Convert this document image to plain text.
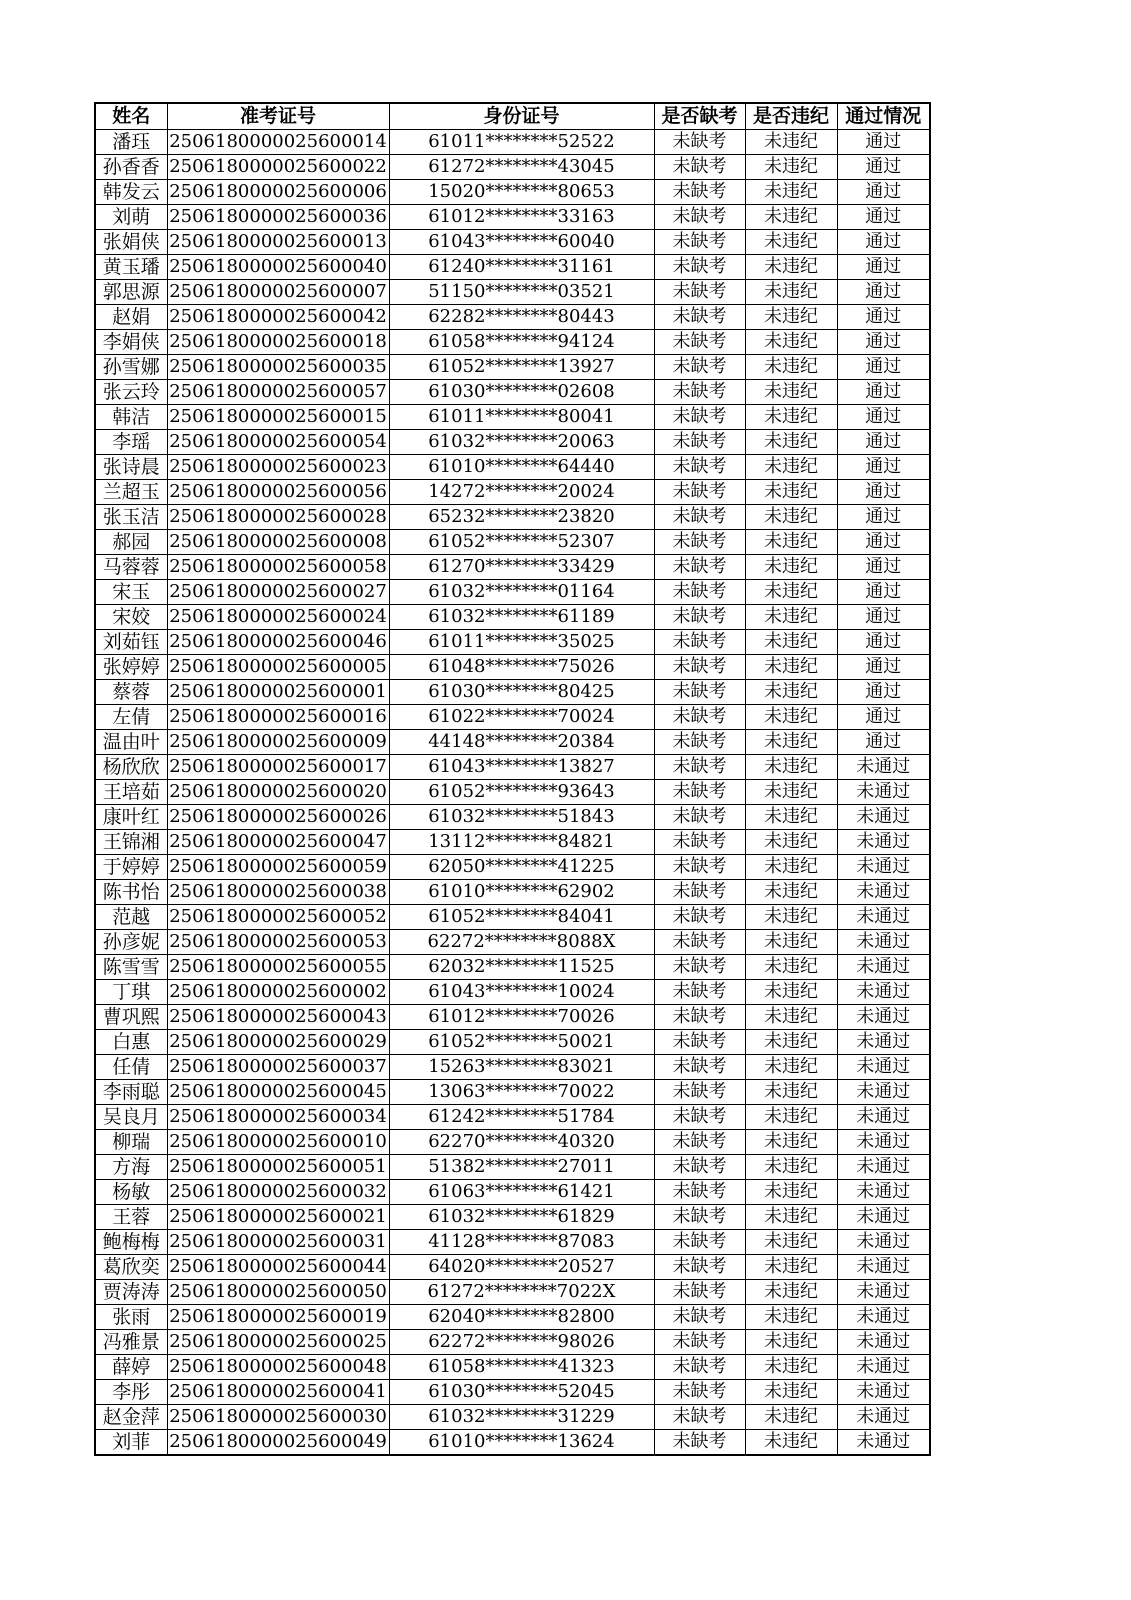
姓名	准考证号	身份证号	是否缺考	是否违纪	通过情况
潘珏	2506180000025600014	61011********52522	未缺考	未违纪	通过
孙香香	2506180000025600022	61272********43045	未缺考	未违纪	通过
韩发云	2506180000025600006	15020********80653	未缺考	未违纪	通过
刘萌	2506180000025600036	61012********33163	未缺考	未违纪	通过
张娟侠	2506180000025600013	61043********60040	未缺考	未违纪	通过
黄玉璠	2506180000025600040	61240********31161	未缺考	未违纪	通过
郭思源	2506180000025600007	51150********03521	未缺考	未违纪	通过
赵娟	2506180000025600042	62282********80443	未缺考	未违纪	通过
李娟侠	2506180000025600018	61058********94124	未缺考	未违纪	通过
孙雪娜	2506180000025600035	61052********13927	未缺考	未违纪	通过
张云玲	2506180000025600057	61030********02608	未缺考	未违纪	通过
韩洁	2506180000025600015	61011********80041	未缺考	未违纪	通过
李瑶	2506180000025600054	61032********20063	未缺考	未违纪	通过
张诗晨	2506180000025600023	61010********64440	未缺考	未违纪	通过
兰超玉	2506180000025600056	14272********20024	未缺考	未违纪	通过
张玉洁	2506180000025600028	65232********23820	未缺考	未违纪	通过
郝园	2506180000025600008	61052********52307	未缺考	未违纪	通过
马蓉蓉	2506180000025600058	61270********33429	未缺考	未违纪	通过
宋玉	2506180000025600027	61032********01164	未缺考	未违纪	通过
宋姣	2506180000025600024	61032********61189	未缺考	未违纪	通过
刘茹钰	2506180000025600046	61011********35025	未缺考	未违纪	通过
张婷婷	2506180000025600005	61048********75026	未缺考	未违纪	通过
蔡蓉	2506180000025600001	61030********80425	未缺考	未违纪	通过
左倩	2506180000025600016	61022********70024	未缺考	未违纪	通过
温由叶	2506180000025600009	44148********20384	未缺考	未违纪	通过
杨欣欣	2506180000025600017	61043********13827	未缺考	未违纪	未通过
王培茹	2506180000025600020	61052********93643	未缺考	未违纪	未通过
康叶红	2506180000025600026	61032********51843	未缺考	未违纪	未通过
王锦湘	2506180000025600047	13112********84821	未缺考	未违纪	未通过
于婷婷	2506180000025600059	62050********41225	未缺考	未违纪	未通过
陈书怡	2506180000025600038	61010********62902	未缺考	未违纪	未通过
范越	2506180000025600052	61052********84041	未缺考	未违纪	未通过
孙彦妮	2506180000025600053	62272********8088X	未缺考	未违纪	未通过
陈雪雪	2506180000025600055	62032********11525	未缺考	未违纪	未通过
丁琪	2506180000025600002	61043********10024	未缺考	未违纪	未通过
曹巩熙	2506180000025600043	61012********70026	未缺考	未违纪	未通过
白惠	2506180000025600029	61052********50021	未缺考	未违纪	未通过
任倩	2506180000025600037	15263********83021	未缺考	未违纪	未通过
李雨聪	2506180000025600045	13063********70022	未缺考	未违纪	未通过
吴良月	2506180000025600034	61242********51784	未缺考	未违纪	未通过
柳瑞	2506180000025600010	62270********40320	未缺考	未违纪	未通过
方海	2506180000025600051	51382********27011	未缺考	未违纪	未通过
杨敏	2506180000025600032	61063********61421	未缺考	未违纪	未通过
王蓉	2506180000025600021	61032********61829	未缺考	未违纪	未通过
鲍梅梅	2506180000025600031	41128********87083	未缺考	未违纪	未通过
葛欣奕	2506180000025600044	64020********20527	未缺考	未违纪	未通过
贾涛涛	2506180000025600050	61272********7022X	未缺考	未违纪	未通过
张雨	2506180000025600019	62040********82800	未缺考	未违纪	未通过
冯雅景	2506180000025600025	62272********98026	未缺考	未违纪	未通过
薛婷	2506180000025600048	61058********41323	未缺考	未违纪	未通过
李彤	2506180000025600041	61030********52045	未缺考	未违纪	未通过
赵金萍	2506180000025600030	61032********31229	未缺考	未违纪	未通过
刘菲	2506180000025600049	61010********13624	未缺考	未违纪	未通过
